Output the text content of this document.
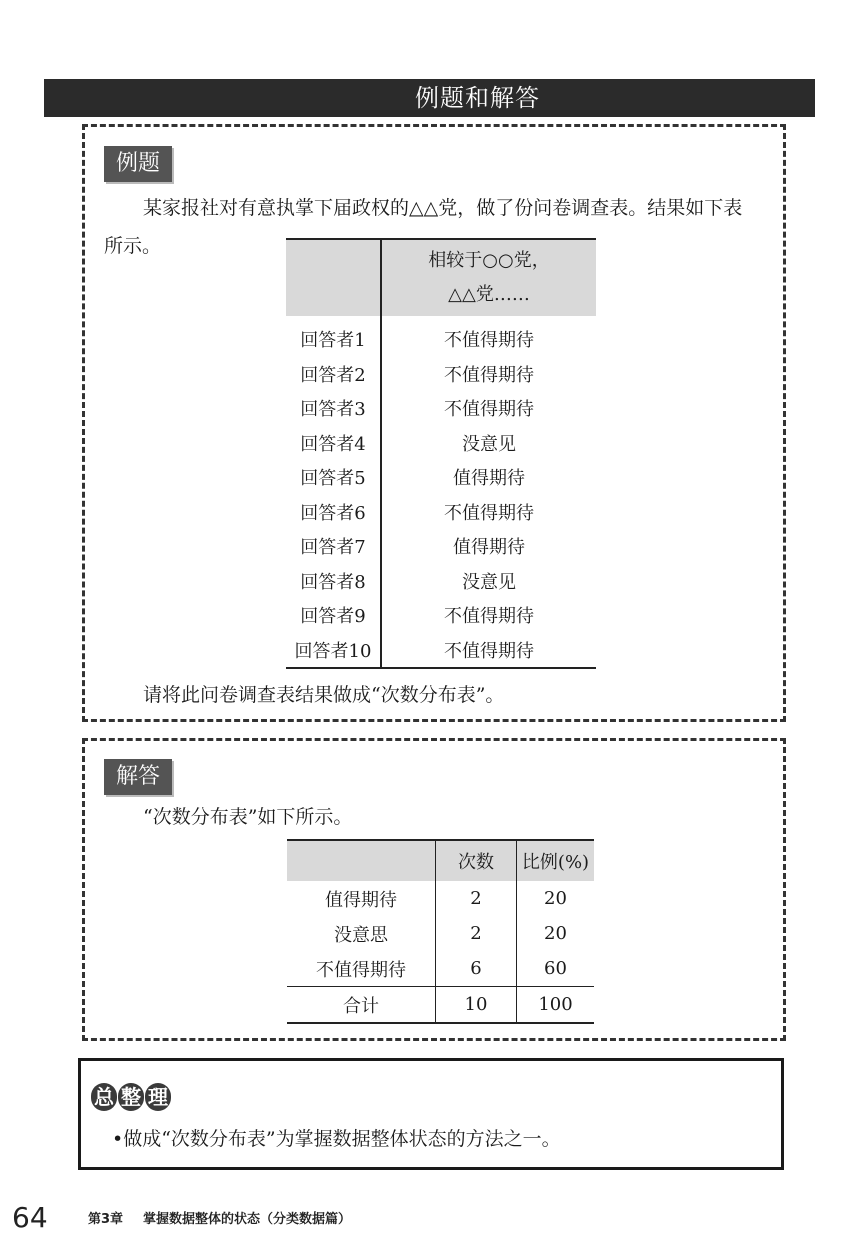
例题和解答
例题
某家报社对有意执掌下届政权的△△党，做了份问卷调查表。结果如下表
所示。

	相较于○○党，
△△党……

回答者1	不值得期待
回答者2	不值得期待
回答者3	不值得期待
回答者4	没意见
回答者5	值得期待
回答者6	不值得期待
回答者7	值得期待
回答者8	没意见
回答者9	不值得期待
回答者10	不值得期待
请将此问卷调查表结果做成“次数分布表”。
解答
“次数分布表”如下所示。
	次数	比例(%)
值得期待	2	20
没意思	2	20
不值得期待	6	60
合计	10	100
总 整 理
•做成“次数分布表”为掌握数据整体状态的方法之一。
64	第3章 掌握数据整体的状态（分类数据篇）
